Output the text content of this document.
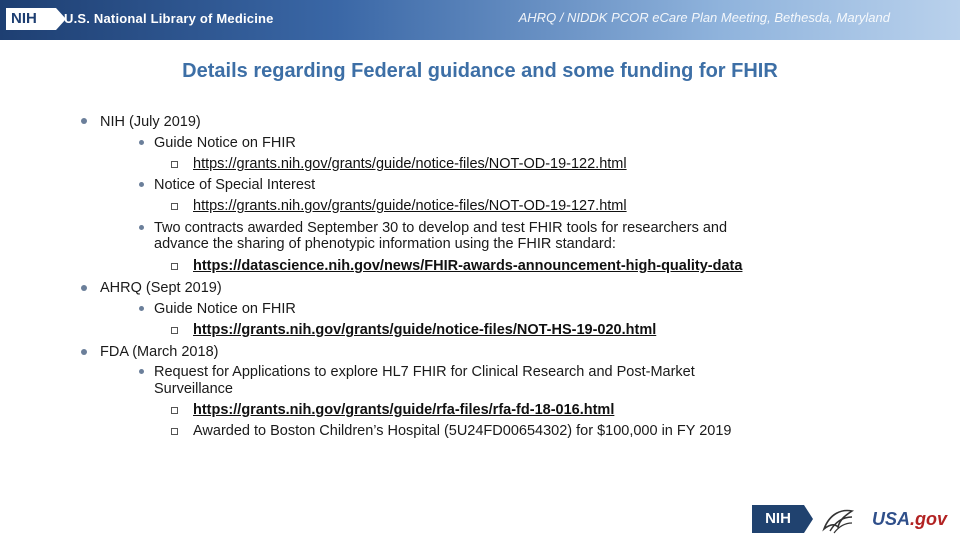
NIH	U.S. National Library of Medicine	AHRQ / NIDDK PCOR eCare Plan Meeting, Bethesda, Maryland
Details regarding Federal guidance and some funding for FHIR
NIH (July 2019)
Guide Notice on FHIR
https://grants.nih.gov/grants/guide/notice-files/NOT-OD-19-122.html
Notice of Special Interest
https://grants.nih.gov/grants/guide/notice-files/NOT-OD-19-127.html
Two contracts awarded September 30 to develop and test FHIR tools for researchers and
advance the sharing of phenotypic information using the FHIR standard:
https://datascience.nih.gov/news/FHIR-awards-announcement-high-quality-data
AHRQ (Sept 2019)
Guide Notice on FHIR
https://grants.nih.gov/grants/guide/notice-files/NOT-HS-19-020.html
FDA (March 2018)
Request for Applications to explore HL7 FHIR for Clinical Research and Post-Market
Surveillance
https://grants.nih.gov/grants/guide/rfa-files/rfa-fd-18-016.html
Awarded to Boston Children’s Hospital (5U24FD00654302) for $100,000 in FY 2019
NIH	USA.gov
